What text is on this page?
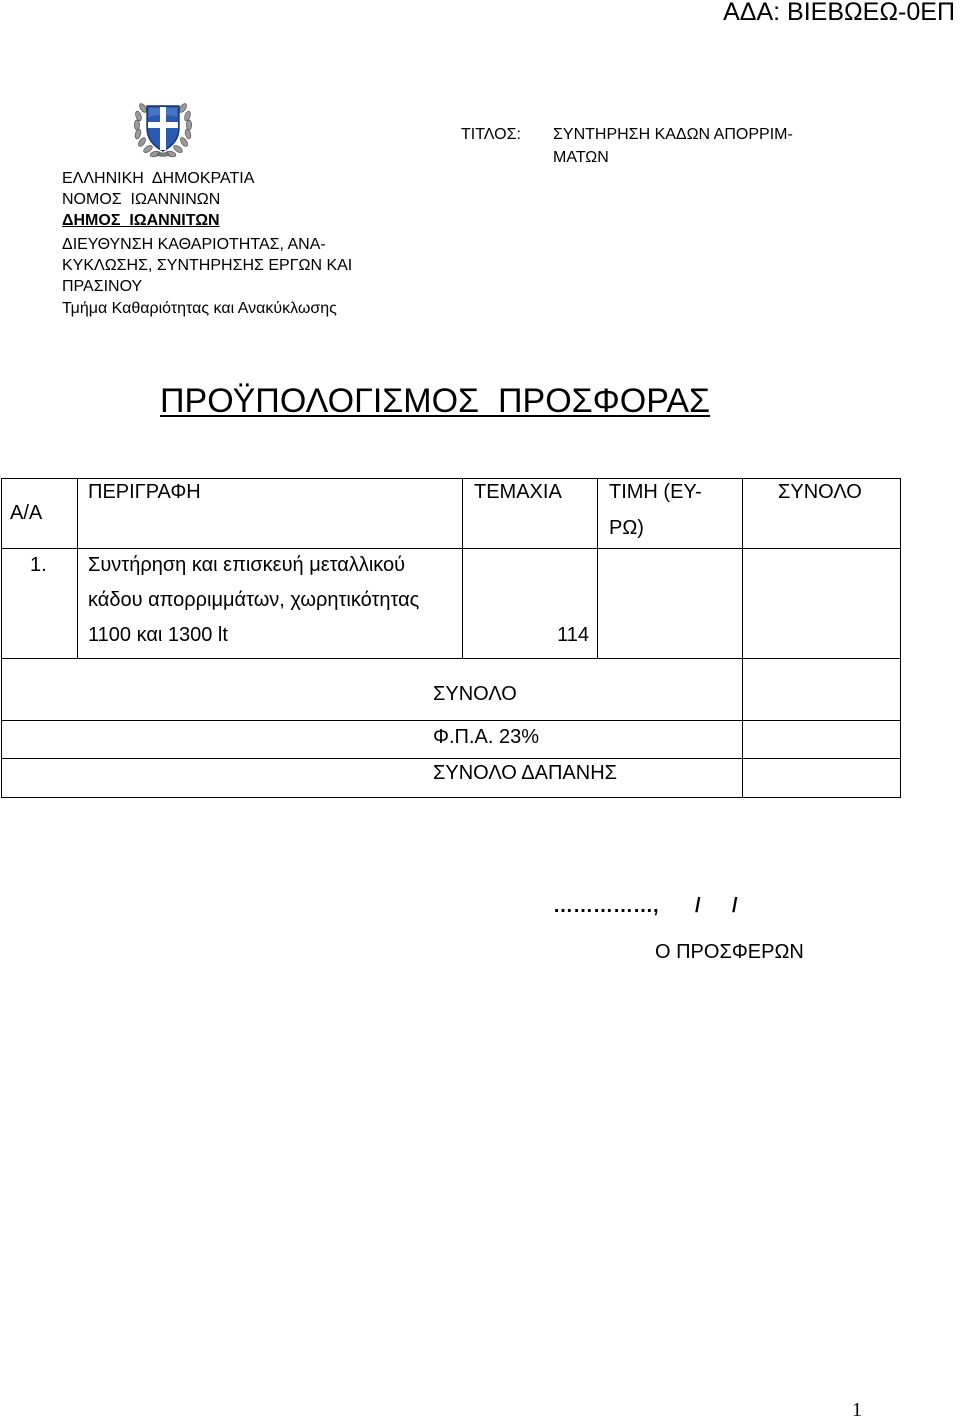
ΑΔΑ: ΒΙΕΒΩΕΩ-0ΕΠ
ΕΛΛΗΝΙΚΗ  ΔΗΜΟΚΡΑΤΙΑ
ΝΟΜΟΣ  ΙΩΑΝΝΙΝΩΝ
ΔΗΜΟΣ  ΙΩΑΝΝΙΤΩΝ
ΔΙΕΥΘΥΝΣΗ ΚΑΘΑΡΙΟΤΗΤΑΣ, ΑΝΑ-
ΚΥΚΛΩΣΗΣ, ΣΥΝΤΗΡΗΣΗΣ ΕΡΓΩΝ ΚΑΙ
ΠΡΑΣΙΝΟΥ
Τμήμα Καθαριότητας και Ανακύκλωσης
ΤΙΤΛΟΣ: ΣΥΝΤΗΡΗΣΗ ΚΑΔΩΝ ΑΠΟΡΡΙΜ-
ΜΑΤΩΝ
ΠΡΟΫΠΟΛΟΓΙΣΜΟΣ  ΠΡΟΣΦΟΡΑΣ
Α/Α
ΠΕΡΙΓΡΑΦΗ	ΤΕΜΑΧΙΑ ΤΙΜΗ (ΕΥ-
ΡΩ)
ΣΥΝΟΛΟ
1. Συντήρηση και επισκευή μεταλλικού
κάδου απορριμμάτων, χωρητικότητας
1100 και 1300 lt	114
ΣΥΝΟΛΟ
Φ.Π.Α. 23%
ΣΥΝΟΛΟ ΔΑΠΑΝΗΣ
……………, / /
Ο ΠΡΟΣΦΕΡΩΝ
1
